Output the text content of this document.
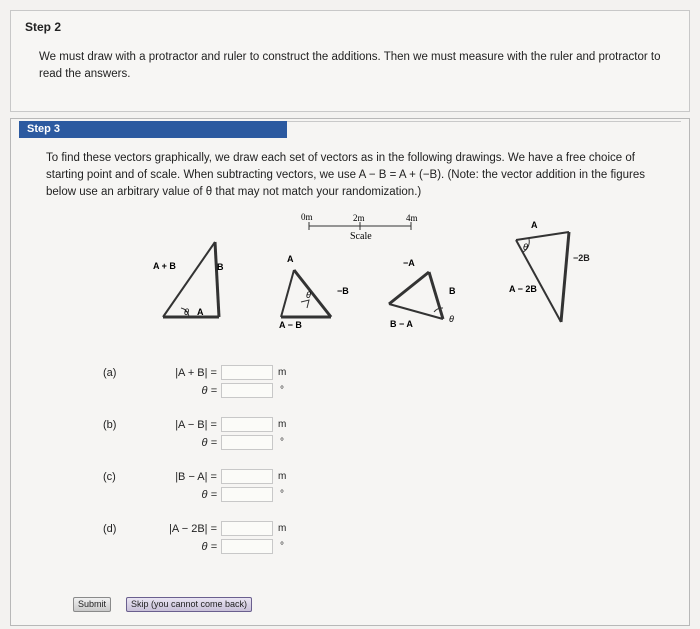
Step 2
We must draw with a protractor and ruler to construct the additions. Then we must measure with the ruler and protractor to read the answers.
Step 3
To find these vectors graphically, we draw each set of vectors as in the following drawings. We have a free choice of starting point and of scale. When subtracting vectors, we use A − B = A + (−B). (Note: the vector addition in the figures below use an arbitrary value of θ that may not match your randomization.)
0m	2m	4m
Scale
A + B	B
A
θ
A
−B
A − B
θ
−A
B
B − A	θ
A
A − 2B
θ
−2B
(a)	|A + B| =	m
θ =	°
(b)	|A − B| =	m
θ =	°
(c)	|B − A| =	m
θ =	°
(d)	|A − 2B| =	m
θ =	°
Submit	Skip (you cannot come back)
